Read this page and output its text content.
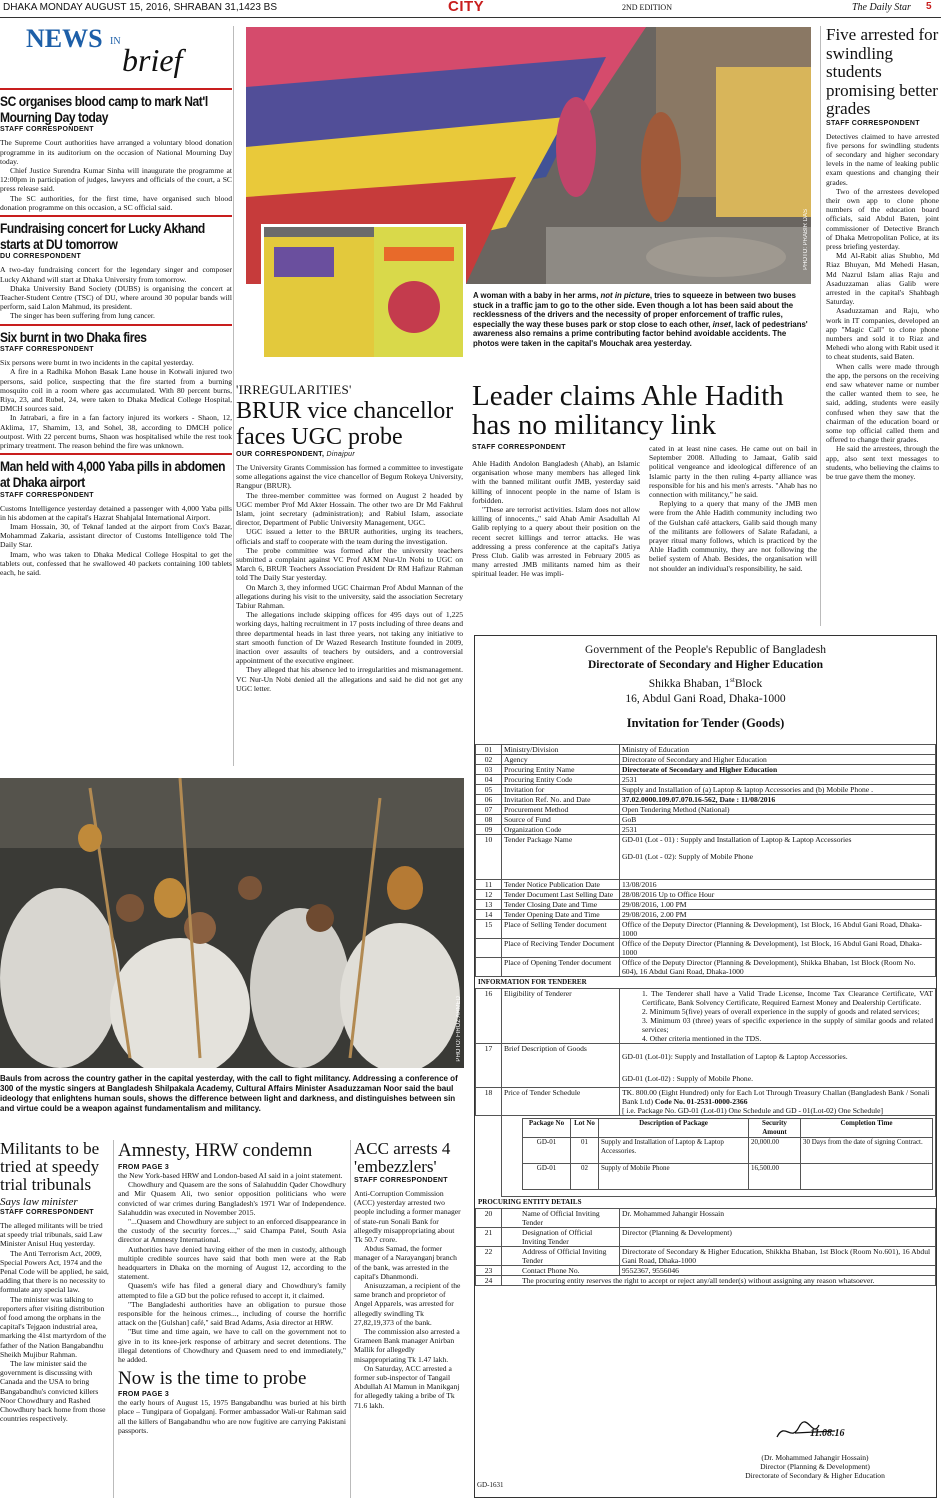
DHAKA MONDAY AUGUST 15, 2016, SHRABAN 31,1423 BS	CITY	2ND EDITION	The Daily Star 5
NEWS IN
brief
SC organises blood camp to mark Nat'l Mourning Day today
STAFF CORRESPONDENT

The Supreme Court authorities have arranged a voluntary blood donation programme in its auditorium on the occasion of National Mourning Day today.

Chief Justice Surendra Kumar Sinha will inaugurate the programme at 12:00pm in participation of judges, lawyers and officials of the court, a SC press release said.

The SC authorities, for the first time, have organised such blood donation programme on this occasion, a SC official said.

Fundraising concert for Lucky Akhand starts at DU tomorrow
DU CORRESPONDENT

A two-day fundraising concert for the legendary singer and composer Lucky Akhand will start at Dhaka University from tomorrow.

Dhaka University Band Society (DUBS) is organising the concert at Teacher-Student Centre (TSC) of DU, where around 30 popular bands will perform, said Lalon Mahmud, its president.

The singer has been suffering from lung cancer.

Six burnt in two Dhaka fires
STAFF CORRESPONDENT

Six persons were burnt in two incidents in the capital yesterday.

A fire in a Radhika Mohon Basak Lane house in Kotwali injured two persons, said police, suspecting that the fire started from a burning mosquito coil in a room where gas accumulated. With 80 percent burns, Riya, 23, and Rubel, 24, were taken to Dhaka Medical College Hospital, DMCH sources said.

In Jatrabari, a fire in a fan factory injured its workers - Shaon, 12, Aklima, 17, Shamim, 13, and Sohel, 38, according to DMCH police outpost. With 22 percent burns, Shaon was hospitalised while the rest took primary treatment. The reason behind the fire was unknown.

Man held with 4,000 Yaba pills in abdomen at Dhaka airport
STAFF CORRESPONDENT

Customs Intelligence yesterday detained a passenger with 4,000 Yaba pills in his abdomen at the capital's Hazrat Shahjalal International Airport.

Imam Hossain, 30, of Teknaf landed at the airport from Cox's Bazar, Mohammad Zakaria, assistant director of Customs Intelligence told The Daily Star.

Imam, who was taken to Dhaka Medical College Hospital to get the tablets out, confessed that he swallowed 40 packets containing 100 tablets each, he said.

PHOTO: PRABIR DAS
A woman with a baby in her arms, not in picture, tries to squeeze in between two buses stuck in a traffic jam to go to the other side. Even though a lot has been said about the recklessness of the drivers and the necessity of proper enforcement of traffic rules, especially the way these buses park or stop close to each other, inset, lack of pedestrians' awareness also remains a prime contributing factor behind avoidable accidents. The photos were taken in the capital's Mouchak area yesterday.
Five arrested for swindling students promising better grades
STAFF CORRESPONDENT

Detectives claimed to have arrested five persons for swindling students of secondary and higher secondary levels in the name of leaking public exam questions and changing their grades.

Two of the arrestees developed their own app to clone phone numbers of the education board officials, said Abdul Baten, joint commissioner of Detective Branch of Dhaka Metropolitan Police, at its press briefing yesterday.

Md Al-Rabit alias Shubho, Md Riaz Bhuyan, Md Mehedi Hasan, Md Nazrul Islam alias Raju and Asaduzzaman alias Galib were arrested in the capital's Shahbagh Saturday.

Asaduzzaman and Raju, who work in IT companies, developed an app "Magic Call" to clone phone numbers and sold it to Riaz and Mehedi who along with Rabit used it to cheat students, said Baten.

When calls were made through the app, the persons on the receiving end saw whatever name or number the caller wanted them to see, he said, adding, students were easily confused when they saw that the chairman of the education board or some top official called them and offered to change their grades.

He said the arrestees, through the app, also sent text messages to students, who believing the claims to be true gave them the money.

'IRREGULARITIES'
BRUR vice chancellor faces UGC probe
OUR CORRESPONDENT, Dinajpur

The University Grants Commission has formed a committee to investigate some allegations against the vice chancellor of Begum Rokeya University, Rangpur (BRUR).

The three-member committee was formed on August 2 headed by UGC member Prof Md Akter Hossain. The other two are Dr Md Fakhrul Islam, joint secretary (administration); and Rabiul Islam, associate director, Department of Public University Management, UGC.

UGC issued a letter to the BRUR authorities, urging its teachers, officials and staff to cooperate with the team during the investigation.

The probe committee was formed after the university teachers submitted a complaint against VC Prof AKM Nur-Un Nobi to UGC on March 6, BRUR Teachers Association President Dr RM Hafizur Rahman told The Daily Star yesterday.

On March 3, they informed UGC Chairman Prof Abdul Mannan of the allegations during his visit to the university, said the association Secretary Tabiur Rahman.

The allegations include skipping offices for 495 days out of 1,225 working days, halting recruitment in 17 posts including of three deans and three departmental heads in last three years, not taking any initiative to start smooth function of Dr Wazed Research Institute founded in 2009, inaction over assaults of teachers by outsiders, and a controversial appointment of the executive engineer.

They alleged that his absence led to irregularities and mismanagement. VC Nur-Un Nobi denied all the allegations and said he did not get any UGC letter.

Leader claims Ahle Hadith has no militancy link
STAFF CORRESPONDENT

Ahle Hadith Andolon Bangladesh (Ahab), an Islamic organisation whose many members has alleged link with the banned militant outfit JMB, yesterday said killing of innocent people in the name of Islam is forbidden.

"These are terrorist activities. Islam does not allow killing of innocents.," said Ahab Amir Asadullah Al Galib replying to a query about their position on the recent secret killings and terror attacks. He was addressing a press conference at the capital's Jatiya Press Club. Galib was arrested in February 2005 as many arrested JMB militants named him as their spiritual leader. He was impli-

cated in at least nine cases. He came out on bail in September 2008. Alluding to Jamaat, Galib said political vengeance and ideological difference of an Islamic party in the then ruling 4-party alliance was responsible for his and his men's arrests. "Ahab has no connection with militancy," he said.

Replying to a query that many of the JMB men were from the Ahle Hadith community including two of the Gulshan café attackers, Galib said though many of the militants are followers of Salate Rafadani, a prayer ritual many follows, which is practiced by the Ahle Hadith community, they are not following the belief system of Ahab. Besides, the organisation will not shoulder an individual's responsibility, he said.

Government of the People's Republic of Bangladesh
Directorate of Secondary and Higher Education
Shikka Bhaban, 1stBlock
16, Abdul Gani Road, Dhaka-1000
Invitation for Tender (Goods)
01	Ministry/Division	Ministry of Education

02	Agency	Directorate of Secondary and Higher Education

03	Procuring Entity Name	Directorate of Secondary and Higher Education

04	Procuring Entity Code	2531

05	Invitation for	Supply and Installation of (a) Laptop & laptop Accessories and (b) Mobile Phone .

06	Invitation Ref. No. and Date	37.02.0000.109.07.070.16-562, Date : 11/08/2016

07	Procurement Method	Open Tendering Method (National)

08	Source of Fund	GoB

09	Organization Code	2531

10	Tender Package Name	GD-01 (Lot - 01) : Supply and Installation of Laptop & Laptop Accessories
GD-01 (Lot - 02): Supply of Mobile Phone

11	Tender Notice Publication Date	13/08/2016

12	Tender Document Last Selling Date	28/08/2016 Up to Office Hour

13	Tender Closing Date and Time	29/08/2016, 1.00 PM

14	Tender Opening Date and Time	29/08/2016, 2.00 PM

15	Place of Selling Tender document	Office of the Deputy Director (Planning & Development), 1st Block, 16 Abdul Gani Road, Dhaka-1000

	Place of Reciving Tender Document	Office of the Deputy Director (Planning & Development), 1st Block, 16 Abdul Gani Road, Dhaka-1000

	Place of Opening Tender document	Office of the Deputy Director (Planning & Development), Shikka Bhaban, 1st Block (Room No. 604), 16 Abdul Gani Road, Dhaka-1000
INFORMATION FOR TENDERER
16	Eligibility of Tenderer	1. The Tenderer shall have a Valid Trade License, Income Tax Clearance Certificate, VAT Certificate, Bank Solvency Certificate, Required Earnest Money and Dealership Certificate.
2. Minimum 5(five) years of overall experience in the supply of goods and related services;
3. Minimum 03 (three) years of specific experience in the supply of similar goods and related services;
4. Other criteria mentioned in the TDS.

17	Brief Description of Goods	
GD-01 (Lot-01): Supply and Installation of Laptop & Laptop Accessories.
GD-01 (Lot-02) : Supply of Mobile Phone.

18	Price of Tender Schedule	TK. 800.00 (Eight Hundred) only for Each Lot Through Treasury Challan (Bangladesh Bank / Sonali Bank Ltd) Code No. 01-2531-0000-2366
[ i.e. Package No. GD-01 (Lot-01) One Schedule and GD - 01(Lot-02) One Schedule]

Package No	Lot No	Description of Package	Security Amount	Completion Time
GD-01	01	Supply and Installation of Laptop & Laptop Accessories.	20,000.00	30 Days from the date of signing Contract.
GD-01	02	Supply of Mobile Phone	16,500.00	
PROCURING ENTITY DETAILS
20	Name of Official Inviting Tender	Dr. Mohammed Jahangir Hossain
21	Designation of Official Inviting Tender	Director (Planning & Development)
22	Address of Official Inviting Tender	Directorate of Secondary & Higher Education, Shikkha Bhaban, 1st Block (Room No.601), 16 Abdul Gani Road, Dhaka-1000
23	Contact Phone No.	9552367, 9556046
24	The procuring entity reserves the right to accept or reject any/all tender(s) without assigning any reason whatsoever.	
11.08.16
(Dr. Mohammed Jahangir Hossain)
Director (Planning & Development)
Directorate of Secondary & Higher Education
GD-1631
PHOTO: FIROZ AHMED
Bauls from across the country gather in the capital yesterday, with the call to fight militancy. Addressing a conference of 300 of the mystic singers at Bangladesh Shilpakala Academy, Cultural Affairs Minister Asaduzzaman Noor said the baul ideology that enlightens human souls, shows the difference between light and darkness, and distinguishes between sin and virtue could be a weapon against fundamentalism and militancy.
Militants to be tried at speedy trial tribunals
Says law minister
STAFF CORRESPONDENT

The alleged militants will be tried at speedy trial tribunals, said Law Minister Anisul Huq yesterday.

The Anti Terrorism Act, 2009, Special Powers Act, 1974 and the Penal Code will be applied, he said, adding that there is no necessity to formulate any special law.

The minister was talking to reporters after visiting distribution of food among the orphans in the capital's Tejgaon industrial area, marking the 41st martyrdom of the father of the Nation Bangabandhu Sheikh Mujibur Rahman.

The law minister said the government is discussing with Canada and the USA to bring Bangabandhu's convicted killers Noor Chowdhury and Rashed Chowdhury back home from those countries respectively.

Amnesty, HRW condemn
FROM PAGE 3

the New York-based HRW and London-based AI said in a joint statement.

Chowdhury and Quasem are the sons of Salahuddin Qader Chowdhury and Mir Quasem Ali, two senior opposition politicians who were convicted of war crimes during Bangladesh's 1971 War of Independence. Salahuddin was executed in November 2015.

"...Quasem and Chowdhury are subject to an enforced disappearance in the custody of the security forces...," said Champa Patel, South Asia director at Amnesty International.

Authorities have denied having either of the men in custody, although multiple credible sources have said that both men were at the Rab headquarters in Dhaka on the morning of August 12, according to the statement.

Quasem's wife has filed a general diary and Chowdhury's family attempted to file a GD but the police refused to accept it, it claimed.

"The Bangladeshi authorities have an obligation to pursue those responsible for the heinous crimes..., including of course the horrific attack on the [Gulshan] café," said Brad Adams, Asia director at HRW.

"But time and time again, we have to call on the government not to give in to its knee-jerk response of arbitrary and secret detentions. The illegal detentions of Chowdhury and Quasem need to end immediately," he added.

Now is the time to probe
FROM PAGE 3

the early hours of August 15, 1975 Bangabandhu was buried at his birth place – Tungipara of Gopalganj. Former ambassador Wali-ur Rahman said all the killers of Bangabandhu who are now fugitive are carrying Pakistani passports.

ACC arrests 4 'embezzlers'
STAFF CORRESPONDENT

Anti-Corruption Commission (ACC) yesterday arrested two people including a former manager of state-run Sonali Bank for allegedly misappropriating about Tk 50.7 crore.

Abdus Samad, the former manager of a Narayanganj branch of the bank, was arrested in the capital's Dhanmondi.

Anisuzzaman, a recipient of the same branch and proprietor of Angel Apparels, was arrested for allegedly swindling Tk 27,82,19,373 of the bank.

The commission also arrested a Grameen Bank manager Anirban Mallik for allegedly misappropriating Tk 1.47 lakh.

On Saturday, ACC arrested a former sub-inspector of Tangail Abdullah Al Mamun in Manikganj for allegedly taking a bribe of Tk 71.6 lakh.
